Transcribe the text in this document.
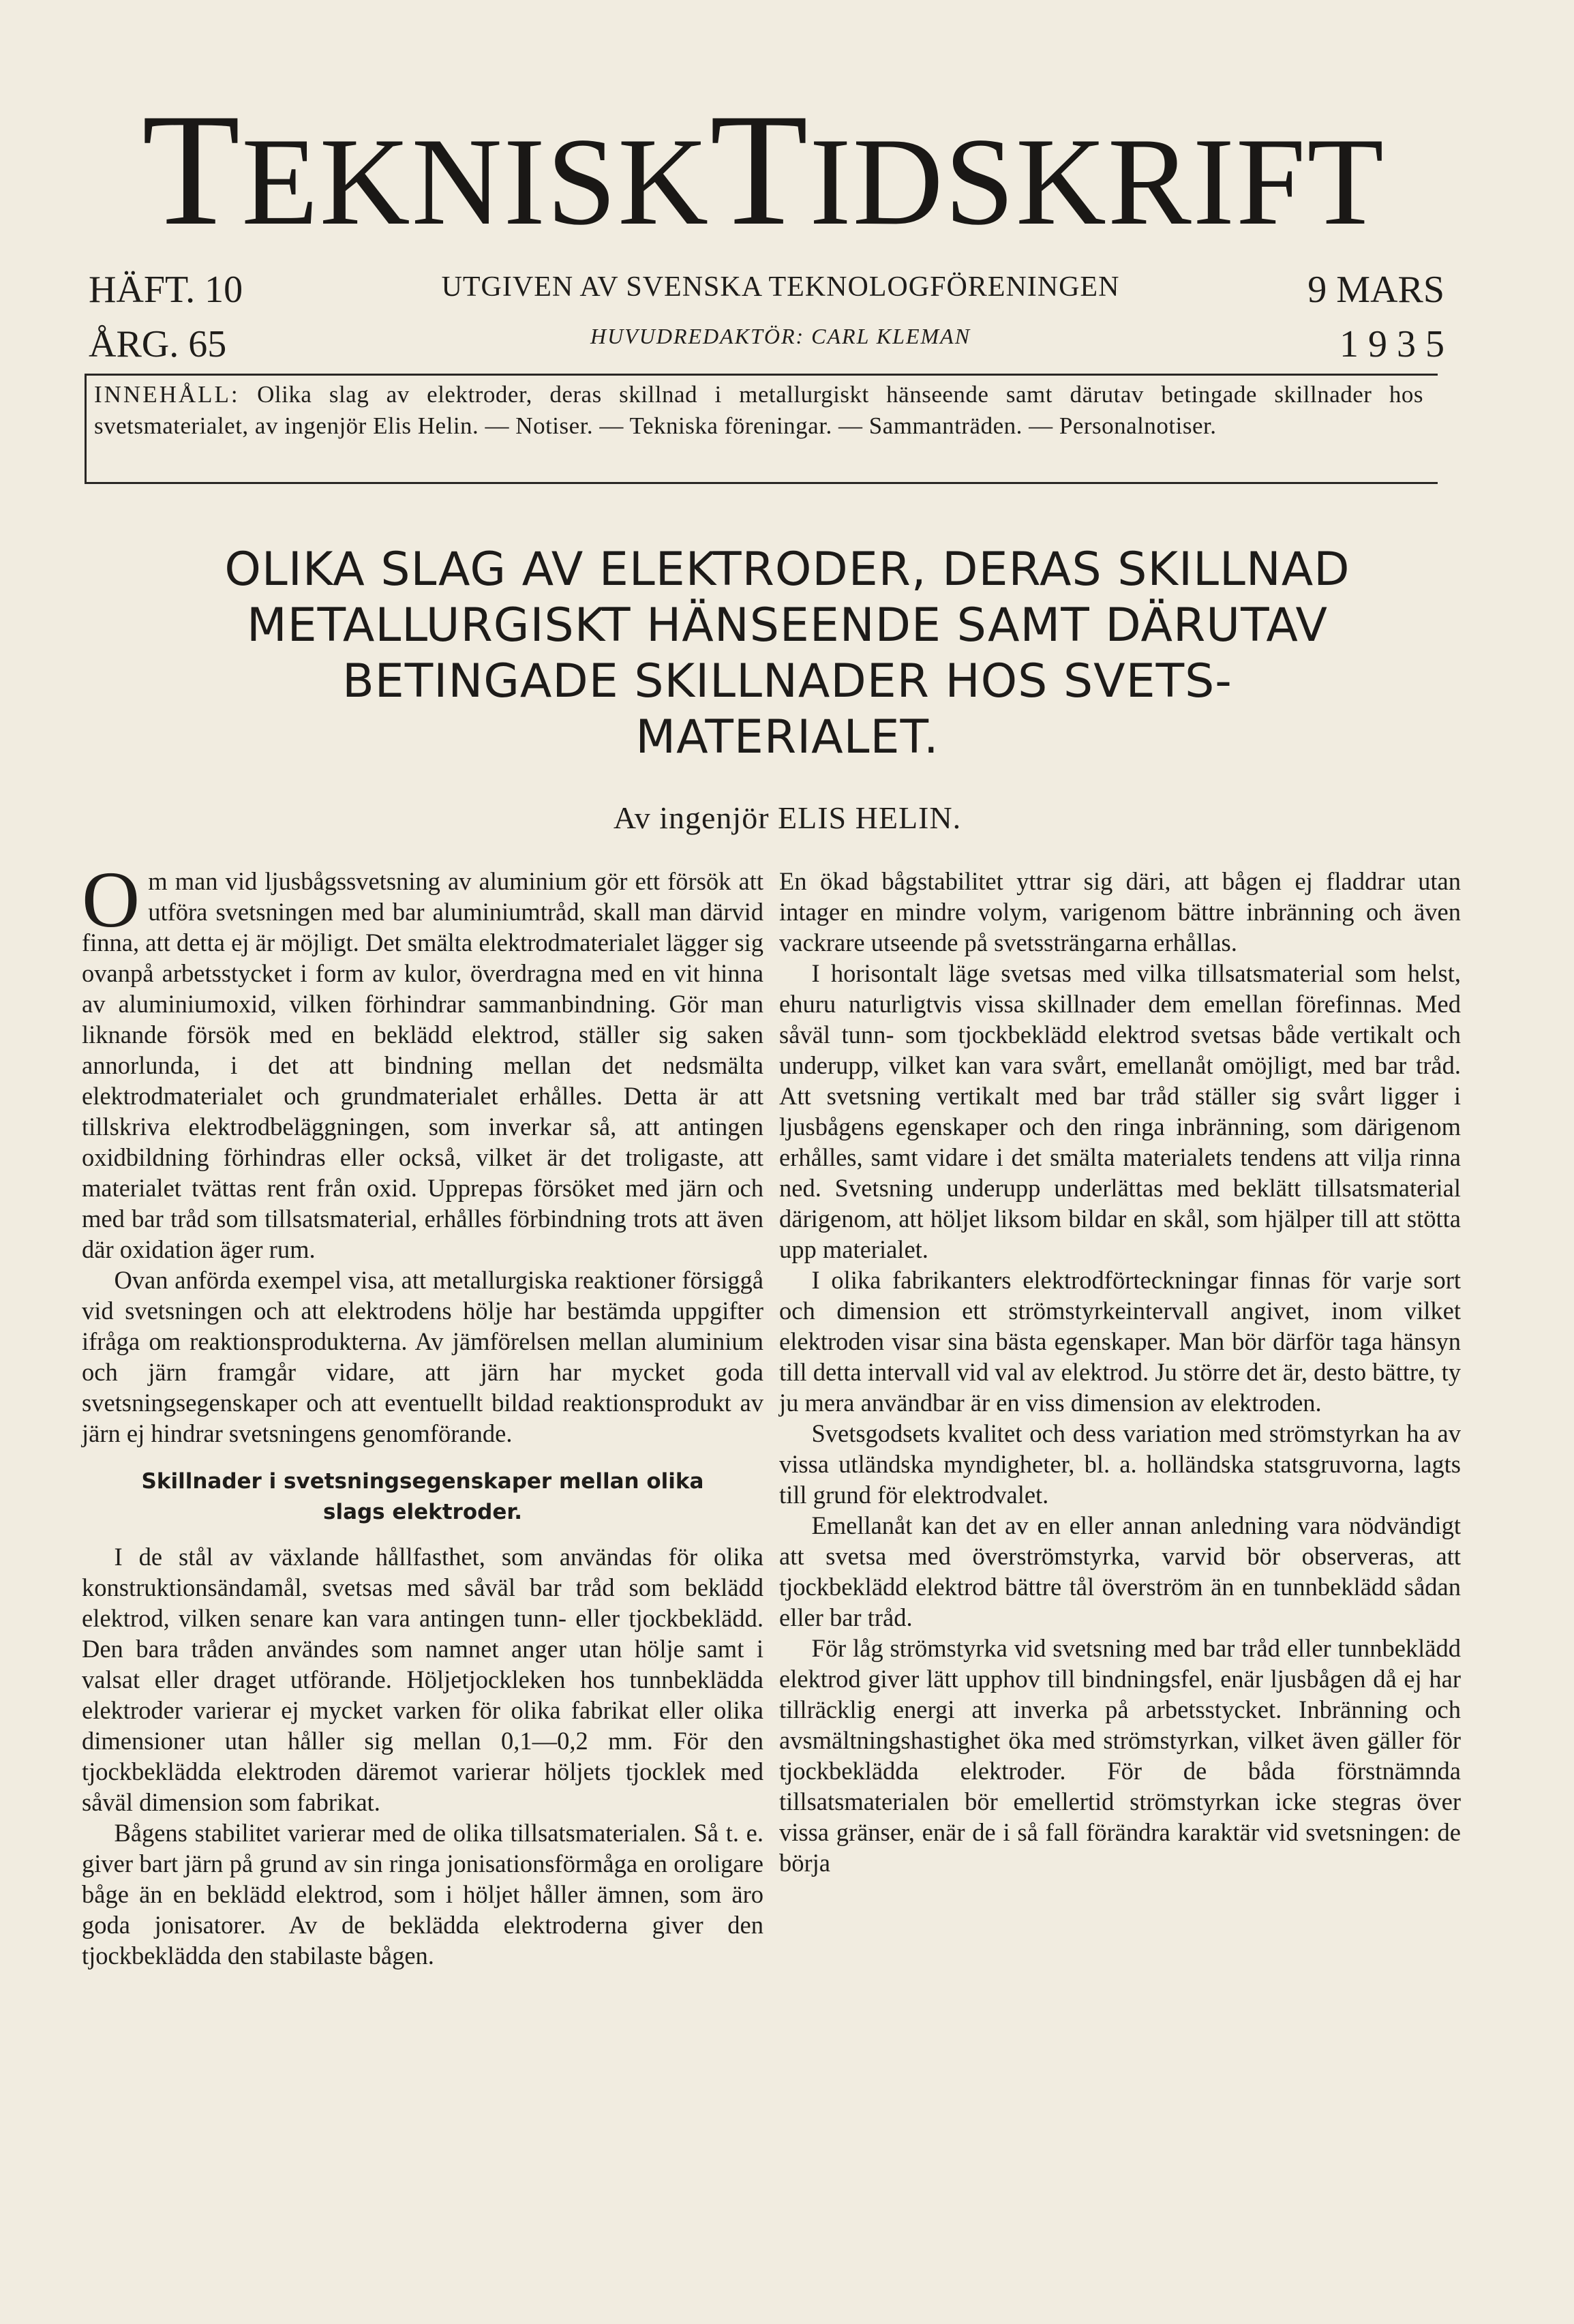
TEKNISKTIDSKRIFT
HÄFT. 10
ÅRG. 65
UTGIVEN AV SVENSKA TEKNOLOGFÖRENINGEN
HUVUDREDAKTÖR: CARL KLEMAN
9 MARS
1 9 3 5
INNEHÅLL: Olika slag av elektroder, deras skillnad i metallurgiskt hänseende samt därutav betingade skillnader hos svetsmaterialet, av ingenjör Elis Helin. — Notiser. — Tekniska föreningar. — Sammanträden. — Personalnotiser.
OLIKA SLAG AV ELEKTRODER, DERAS SKILLNAD
METALLURGISKT HÄNSEENDE SAMT DÄRUTAV
BETINGADE SKILLNADER HOS SVETS-
MATERIALET.
Av ingenjör ELIS HELIN.

Om man vid ljusbågssvetsning av aluminium gör ett försök att utföra svetsningen med bar aluminiumtråd, skall man därvid finna, att detta ej är möjligt. Det smälta elektrodmaterialet lägger sig ovanpå arbetsstycket i form av kulor, överdragna med en vit hinna av aluminiumoxid, vilken förhindrar sammanbindning. Gör man liknande försök med en beklädd elektrod, ställer sig saken annorlunda, i det att bindning mellan det nedsmälta elektrodmaterialet och grundmaterialet erhålles. Detta är att tillskriva elektrodbeläggningen, som inverkar så, att antingen oxidbildning förhindras eller också, vilket är det troligaste, att materialet tvättas rent från oxid. Upprepas försöket med järn och med bar tråd som tillsatsmaterial, erhålles förbindning trots att även där oxidation äger rum.

Ovan anförda exempel visa, att metallurgiska reaktioner försiggå vid svetsningen och att elektrodens hölje har bestämda uppgifter ifråga om reaktionsprodukterna. Av jämförelsen mellan aluminium och järn framgår vidare, att järn har mycket goda svetsningsegenskaper och att eventuellt bildad reaktionsprodukt av järn ej hindrar svetsningens genomförande.

Skillnader i svetsningsegenskaper mellan olika slags elektroder.

I de stål av växlande hållfasthet, som användas för olika konstruktionsändamål, svetsas med såväl bar tråd som beklädd elektrod, vilken senare kan vara antingen tunn- eller tjockbeklädd. Den bara tråden användes som namnet anger utan hölje samt i valsat eller draget utförande. Höljetjockleken hos tunnbeklädda elektroder varierar ej mycket varken för olika fabrikat eller olika dimensioner utan håller sig mellan 0,1—0,2 mm. För den tjockbeklädda elektroden däremot varierar höljets tjocklek med såväl dimension som fabrikat.

Bågens stabilitet varierar med de olika tillsatsmaterialen. Så t. e. giver bart järn på grund av sin ringa jonisationsförmåga en oroligare båge än en beklädd elektrod, som i höljet håller ämnen, som äro goda jonisatorer. Av de beklädda elektroderna giver den tjockbeklädda den stabilaste bågen.

En ökad bågstabilitet yttrar sig däri, att bågen ej fladdrar utan intager en mindre volym, varigenom bättre inbränning och även vackrare utseende på svetssträngarna erhållas.

I horisontalt läge svetsas med vilka tillsatsmaterial som helst, ehuru naturligtvis vissa skillnader dem emellan förefinnas. Med såväl tunn- som tjockbeklädd elektrod svetsas både vertikalt och underupp, vilket kan vara svårt, emellanåt omöjligt, med bar tråd. Att svetsning vertikalt med bar tråd ställer sig svårt ligger i ljusbågens egenskaper och den ringa inbränning, som därigenom erhålles, samt vidare i det smälta materialets tendens att vilja rinna ned. Svetsning underupp underlättas med beklätt tillsatsmaterial därigenom, att höljet liksom bildar en skål, som hjälper till att stötta upp materialet.

I olika fabrikanters elektrodförteckningar finnas för varje sort och dimension ett strömstyrkeintervall angivet, inom vilket elektroden visar sina bästa egenskaper. Man bör därför taga hänsyn till detta intervall vid val av elektrod. Ju större det är, desto bättre, ty ju mera användbar är en viss dimension av elektroden.

Svetsgodsets kvalitet och dess variation med strömstyrkan ha av vissa utländska myndigheter, bl. a. holländska statsgruvorna, lagts till grund för elektrodvalet.

Emellanåt kan det av en eller annan anledning vara nödvändigt att svetsa med överströmstyrka, varvid bör observeras, att tjockbeklädd elektrod bättre tål överström än en tunnbeklädd sådan eller bar tråd.

För låg strömstyrka vid svetsning med bar tråd eller tunnbeklädd elektrod giver lätt upphov till bindningsfel, enär ljusbågen då ej har tillräcklig energi att inverka på arbetsstycket. Inbränning och avsmältningshastighet öka med strömstyrkan, vilket även gäller för tjockbeklädda elektroder. För de båda förstnämnda tillsatsmaterialen bör emellertid strömstyrkan icke stegras över vissa gränser, enär de i så fall förändra karaktär vid svetsningen: de börja
